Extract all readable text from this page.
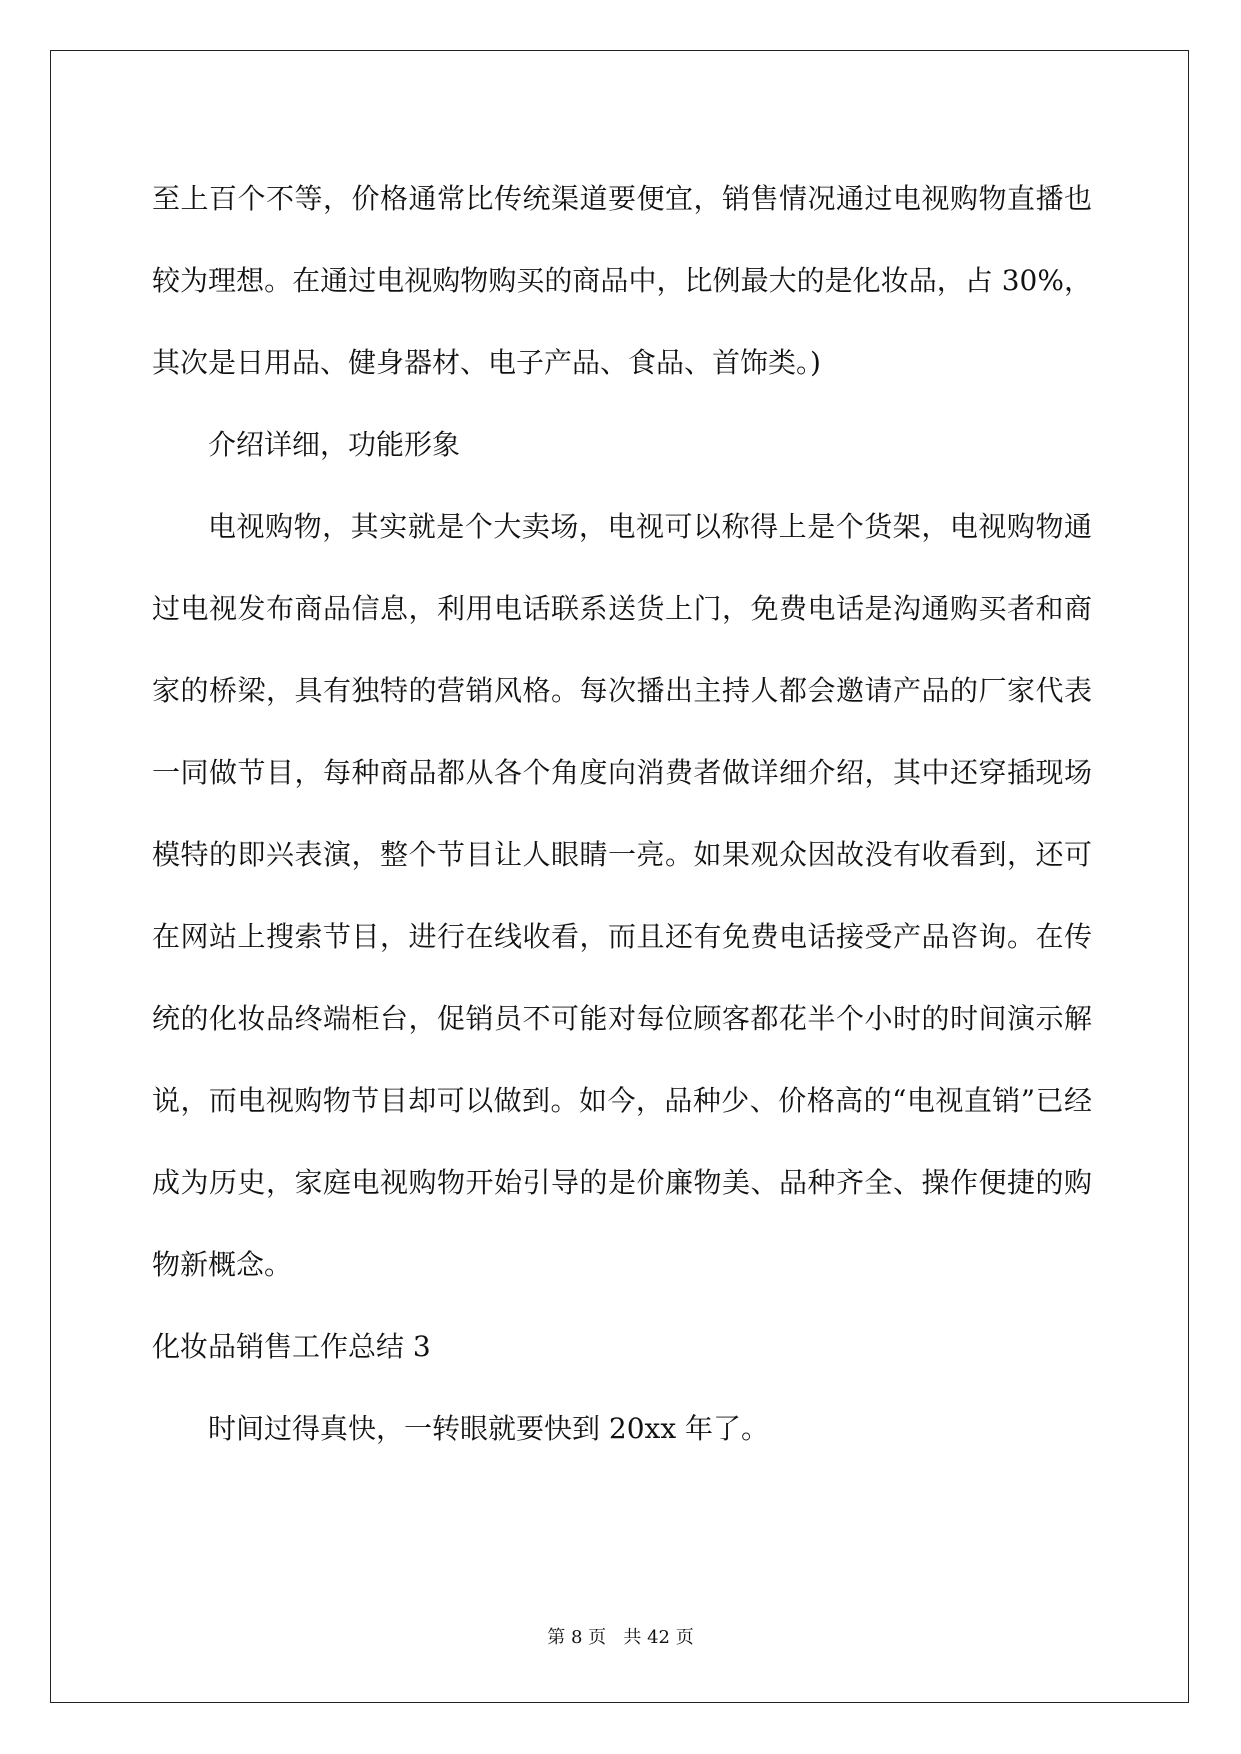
至上百个不等，价格通常比传统渠道要便宜，销售情况通过电视购物直播也较为理想。在通过电视购物购买的商品中，比例最大的是化妆品，占 30%，其次是日用品、健身器材、电子产品、食品、首饰类。)

介绍详细，功能形象

电视购物，其实就是个大卖场，电视可以称得上是个货架，电视购物通过电视发布商品信息，利用电话联系送货上门，免费电话是沟通购买者和商家的桥梁，具有独特的营销风格。每次播出主持人都会邀请产品的厂家代表一同做节目，每种商品都从各个角度向消费者做详细介绍，其中还穿插现场模特的即兴表演，整个节目让人眼睛一亮。如果观众因故没有收看到，还可在网站上搜索节目，进行在线收看，而且还有免费电话接受产品咨询。在传统的化妆品终端柜台，促销员不可能对每位顾客都花半个小时的时间演示解说，而电视购物节目却可以做到。如今，品种少、价格高的“电视直销”已经成为历史，家庭电视购物开始引导的是价廉物美、品种齐全、操作便捷的购物新概念。

化妆品销售工作总结 3

时间过得真快，一转眼就要快到 20xx 年了。

第 8 页 共 42 页
